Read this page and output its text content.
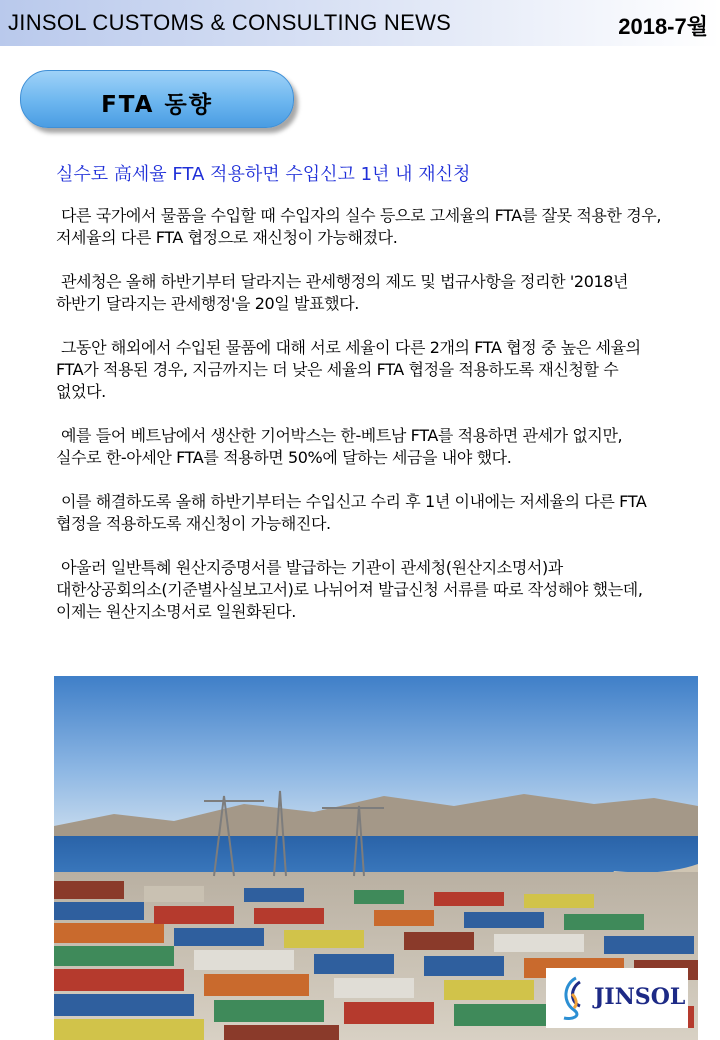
JINSOL CUSTOMS & CONSULTING NEWS	2018-7월
FTA 동향
실수로 高세율 FTA 적용하면 수입신고 1년 내 재신청

다른 국가에서 물품을 수입할 때 수입자의 실수 등으로 고세율의 FTA를 잘못 적용한 경우, 저세율의 다른 FTA 협정으로 재신청이 가능해졌다.

관세청은 올해 하반기부터 달라지는 관세행정의 제도 및 법규사항을 정리한 '2018년 하반기 달라지는 관세행정'을 20일 발표했다.

그동안 해외에서 수입된 물품에 대해 서로 세율이 다른 2개의 FTA 협정 중 높은 세율의 FTA가 적용된 경우, 지금까지는 더 낮은 세율의 FTA 협정을 적용하도록 재신청할 수 없었다.

예를 들어 베트남에서 생산한 기어박스는 한-베트남 FTA를 적용하면 관세가 없지만, 실수로 한-아세안 FTA를 적용하면 50%에 달하는 세금을 내야 했다.

이를 해결하도록 올해 하반기부터는 수입신고 수리 후 1년 이내에는 저세율의 다른 FTA 협정을 적용하도록 재신청이 가능해진다.

아울러 일반특혜 원산지증명서를 발급하는 기관이 관세청(원산지소명서)과 대한상공회의소(기준별사실보고서)로 나뉘어져 발급신청 서류를 따로 작성해야 했는데, 이제는 원산지소명서로 일원화된다.

JINSOL
